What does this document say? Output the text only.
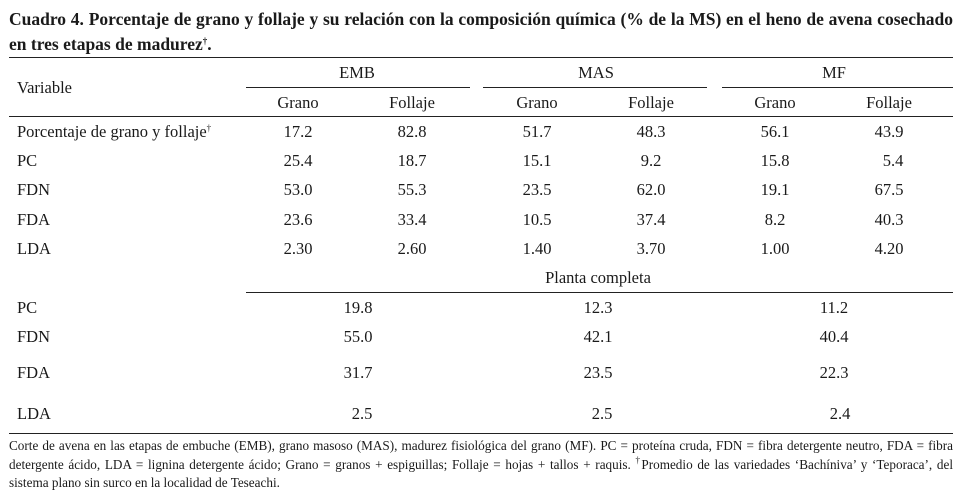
Cuadro 4. Porcentaje de grano y follaje y su relación con la composición química (% de la MS) en el heno de avena cosechado en tres etapas de madurez†.
Variable
EMB	MAS	MF
Grano	Follaje	Grano	Follaje	Grano	Follaje
Porcentaje de grano y follaje†	17.2	82.8	51.7	48.3	56.1	43.9
PC	25.4	18.7	15.1	9.2	15.8	5.4
FDN	53.0	55.3	23.5	62.0	19.1	67.5
FDA	23.6	33.4	10.5	37.4	8.2	40.3
LDA	2.30	2.60	1.40	3.70	1.00	4.20
Planta completa
PC	19.8	12.3	11.2
FDN	55.0	42.1	40.4
FDA	31.7	23.5	22.3
LDA	2.5	2.5	2.4
Corte de avena en las etapas de embuche (EMB), grano masoso (MAS), madurez fisiológica del grano (MF). PC = proteína cruda, FDN = fibra detergente neutro, FDA = fibra detergente ácido, LDA = lignina detergente ácido; Grano = granos + espiguillas; Follaje = hojas + tallos + raquis. †Promedio de las variedades ‘Bachíniva’ y ‘Teporaca’, del sistema plano sin surco en la localidad de Teseachi.
